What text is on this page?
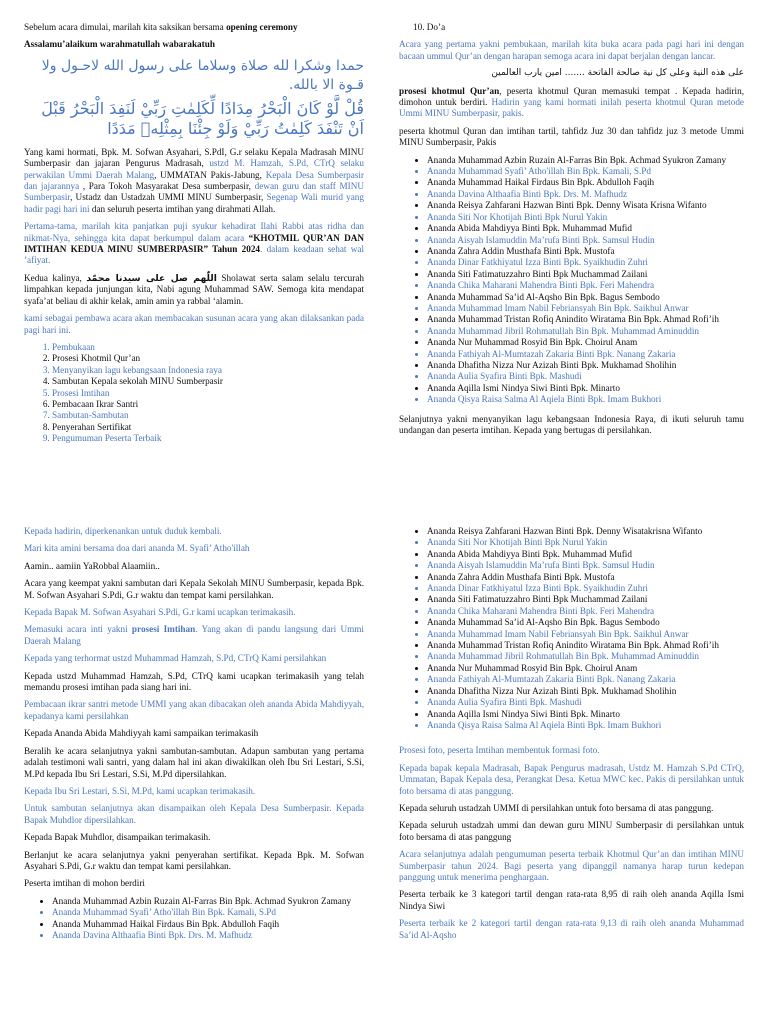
Sebelum acara dimulai, marilah kita saksikan bersama opening ceremony

Assalamu’alaikum warahmatullah wabarakatuh

حمدا وشكرا لله صلاة وسلاما على رسول الله لاحـول ولا قـوة الا بالله.
قُلْ لَّوْ كَانَ الْبَحْرُ مِدَادًا لِّكَلِمٰتِ رَبِّيْ لَنَفِدَ الْبَحْرُ قَبْلَ اَنْ تَنْفَدَ كَلِمٰتُ رَبِّيْ وَلَوْ جِئْنَا بِمِثْلِهٖ مَدَدًا

Yang kami hormati, Bpk. M. Sofwan Asyahari, S.PdI, G.r selaku Kepala Madrasah MINU Sumberpasir dan jajaran Pengurus Madrasah, ustzd M. Hamzah, S.Pd, CTrQ selaku perwakilan Ummi Daerah Malang, UMMATAN Pakis-Jabung, Kepala Desa Sumberpasir dan jajarannya , Para Tokoh Masyarakat Desa sumberpasir, dewan guru dan staff MINU Sumberpasir, Ustadz dan Ustadzah UMMI MINU Sumberpasir, Segenap Wali murid yang hadir pagi hari ini dan seluruh peserta imtihan yang dirahmati Allah.

Pertama-tama, marilah kita panjatkan puji syukur kehadirat Ilahi Rabbi atas ridha dan nikmat-Nya, sehingga kita dapat berkumpul dalam acara “KHOTMIL QUR’AN DAN IMTIHAN KEDUA MINU SUMBERPASIR” Tahun 2024. dalam keadaan sehat wal ’afiyat.

Kedua kalinya, اللّٰهم صل على سيدنا محمّد Sholawat serta salam selalu tercurah limpahkan kepada junjungan kita, Nabi agung Muhammad SAW. Semoga kita mendapat syafa’at beliau di akhir kelak, amin amin ya rabbal ‘alamin.

kami sebagai pembawa acara akan membacakan susunan acara yang akan dilaksankan pada pagi hari ini.

1. Pembukaan
2. Prosesi Khotmil Qur’an
3. Menyanyikan lagu kebangsaan Indonesia raya
4. Sambutan Kepala sekolah MINU Sumberpasir
5. Prosesi Imtihan
6. Pembacaan Ikrar Santri
7. Sambutan-Sambutan
8. Penyerahan Sertifikat
9. Pengumuman Peserta Terbaik

10. Do’a

Acara yang pertama yakni pembukaan, marilah kita buka acara pada pagi hari ini dengan bacaan ummul Qur’an dengan harapan semoga acara ini dapat berjalan dengan lancar.

على هذه النية وعلى كل نية صالحة الفاتحة ....... امين يارب العالمين

prosesi khotmul Qur’an, peserta khotmul Quran memasuki tempat . Kepada hadirin, dimohon untuk berdiri. Hadirin yang kami hormati inilah peserta khotmul Quran metode Ummi MINU Sumberpasir, pakis.

peserta khotmul Quran dan imtihan tartil, tahfidz Juz 30 dan tahfidz juz 3 metode Ummi MINU Sumberpasir, Pakis

• Ananda Muhammad Azbin Ruzain Al-Farras Bin Bpk. Achmad Syukron Zamany
• Ananda Muhammad Syafi’ Atho'illah Bin Bpk. Kamali, S.Pd
• Ananda Muhammad Haikal Firdaus Bin Bpk. Abdulloh Faqih
• Ananda Davina Althaafia Binti Bpk. Drs. M. Mafhudz
• Ananda Reisya Zahfarani Hazwan Binti Bpk. Denny Wisata Krisna Wifanto
• Ananda Siti Nor Khotijah Binti Bpk Nurul Yakin
• Ananda Abida Mahdiyya Binti Bpk. Muhammad Mufid
• Ananda Aisyah Islamuddin Ma’rufa Binti Bpk. Samsul Hudin
• Ananda Zahra Addin Musthafa Binti Bpk. Mustofa
• Ananda Dinar Fatkhiyatul Izza Binti Bpk. Syaikhudin Zuhri
• Ananda Siti Fatimatuzzahro Binti Bpk Muchammad Zailani
• Ananda Chika Maharani Mahendra Binti Bpk. Feri Mahendra
• Ananda Muhammad Sa’id Al-Aqsho Bin Bpk. Bagus Sembodo
• Ananda Muhammad Imam Nabil Febriansyah Bin Bpk. Saikhul Anwar
• Ananda Muhammad Tristan Rofiq Anindito Wiratama Bin Bpk. Ahmad Rofi’ih
• Ananda Muhammad Jibril Rohmatullah Bin Bpk. Muhammad Aminuddin
• Ananda Nur Muhammad Rosyid Bin Bpk. Choirul Anam
• Ananda Fathiyah Al-Mumtazah Zakaria Binti Bpk. Nanang Zakaria
• Ananda Dhafitha Nizza Nur Azizah Binti Bpk. Mukhamad Sholihin
• Ananda Aulia Syafira Binti Bpk. Mashudi
• Ananda Aqilla Ismi Nindya Siwi Binti Bpk. Minarto
• Ananda Qisya Raisa Salma Al Aqiela Binti Bpk. Imam Bukhori

Selanjutnya yakni menyanyikan lagu kebangsaan Indonesia Raya, di ikuti seluruh tamu undangan dan peserta imtihan. Kepada yang bertugas di persilahkan.

Kepada hadirin, diperkenankan untuk duduk kembali.

Mari kita amini bersama doa dari ananda M. Syafi’ Atho'illah

Aamin.. aamiin YaRobbal Alaamiin..

Acara yang keempat yakni sambutan dari Kepala Sekolah MINU Sumberpasir, kepada Bpk. M. Sofwan Asyahari S.Pdi, G.r waktu dan tempat kami persilahkan.

Kepada Bapak M. Sofwan Asyahari S.Pdi, G.r kami ucapkan terimakasih.

Memasuki acara inti yakni prosesi Imtihan. Yang akan di pandu langsung dari Ummi Daerah Malang

Kepada yang terhormat ustzd Muhammad Hamzah, S.Pd, CTrQ Kami persilahkan

Kepada ustzd Muhammad Hamzah, S.Pd, CTrQ kami ucapkan terimakasih yang telah memandu prosesi imtihan pada siang hari ini.

Pembacaan ikrar santri metode UMMI yang akan dibacakan oleh ananda Abida Mahdiyyah, kepadanya kami persilahkan

Kepada Ananda Abida Mahdiyyah kami sampaikan terimakasih

Beralih ke acara selanjutnya yakni sambutan-sambutan. Adapun sambutan yang pertama adalah testimoni wali santri, yang dalam hal ini akan diwakilkan oleh Ibu Sri Lestari, S.Si, M.Pd kepada Ibu Sri Lestari, S.Si, M.Pd dipersilahkan.

Kepada Ibu Sri Lestari, S.Si, M.Pd, kami ucapkan terimakasih.

Untuk sambutan selanjutnya akan disampaikan oleh Kepala Desa Sumberpasir. Kepada Bapak Muhdlor dipersilahkan.

Kepada Bapak Muhdlor, disampaikan terimakasih.

Berlanjut ke acara selanjutnya yakni penyerahan sertifikat. Kepada Bpk. M. Sofwan Asyahari S.Pdi, G.r waktu dan tempat kami persilahkan.

Peserta imtihan di mohon berdiri

• Ananda Muhammad Azbin Ruzain Al-Farras Bin Bpk. Achmad Syukron Zamany
• Ananda Muhammad Syafi’ Atho'illah Bin Bpk. Kamali, S.Pd
• Ananda Muhammad Haikal Firdaus Bin Bpk. Abdulloh Faqih
• Ananda Davina Althaafia Binti Bpk. Drs. M. Mafhudz
• Ananda Reisya Zahfarani Hazwan Binti Bpk. Denny Wisatakrisna Wifanto
• Ananda Siti Nor Khotijah Binti Bpk Nurul Yakin
• Ananda Abida Mahdiyya Binti Bpk. Muhammad Mufid
• Ananda Aisyah Islamuddin Ma’rufa Binti Bpk. Samsul Hudin
• Ananda Zahra Addin Musthafa Binti Bpk. Mustofa
• Ananda Dinar Fatkhiyatul Izza Binti Bpk. Syaikhudin Zuhri
• Ananda Siti Fatimatuzzahro Binti Bpk Muchammad Zailani
• Ananda Chika Maharani Mahendra Binti Bpk. Feri Mahendra
• Ananda Muhammad Sa’id Al-Aqsho Bin Bpk. Bagus Sembodo
• Ananda Muhammad Imam Nabil Febriansyah Bin Bpk. Saikhul Anwar
• Ananda Muhammad Tristan Rofiq Anindito Wiratama Bin Bpk. Ahmad Rofi’ih
• Ananda Muhammad Jibril Rohmatullah Bin Bpk. Muhammad Aminuddin
• Ananda Nur Muhammad Rosyid Bin Bpk. Choirul Anam
• Ananda Fathiyah Al-Mumtazah Zakaria Binti Bpk. Nanang Zakaria
• Ananda Dhafitha Nizza Nur Azizah Binti Bpk. Mukhamad Sholihin
• Ananda Aulia Syafira Binti Bpk. Mashudi
• Ananda Aqilla Ismi Nindya Siwi Binti Bpk. Minarto
• Ananda Qisya Raisa Salma Al Aqiela Binti Bpk. Imam Bukhori

Prosesi foto, peserta Imtihan membentuk formasi foto.

Kepada bapak kepala Madrasah, Bapak Pengurus madrasah, Ustdz M. Hamzah S.Pd CTrQ, Ummatan, Bapak Kepala desa, Perangkat Desa. Ketua MWC kec. Pakis di persilahkan untuk foto bersama di atas panggung.

Kepada seluruh ustadzah UMMI di persilahkan untuk foto bersama di atas panggung.

Kepada seluruh ustadzah ummi dan dewan guru MINU Sumberpasir di persilahkan untuk foto bersama di atas panggung

Acara selanjutnya adalah pengumuman peserta terbaik Khotmul Qur’an dan imtihan MINU Sumberpasir tahun 2024. Bagi peserta yang dipanggil namanya harap turun kedepan panggung untuk menerima penghargaan.

Peserta terbaik ke 3 kategori tartil dengan rata-rata 8,95 di raih oleh ananda Aqilla Ismi Nindya Siwi

Peserta terbaik ke 2 kategori tartil dengan rata-rata 9,13 di raih oleh ananda Muhammad Sa’id Al-Aqsho
